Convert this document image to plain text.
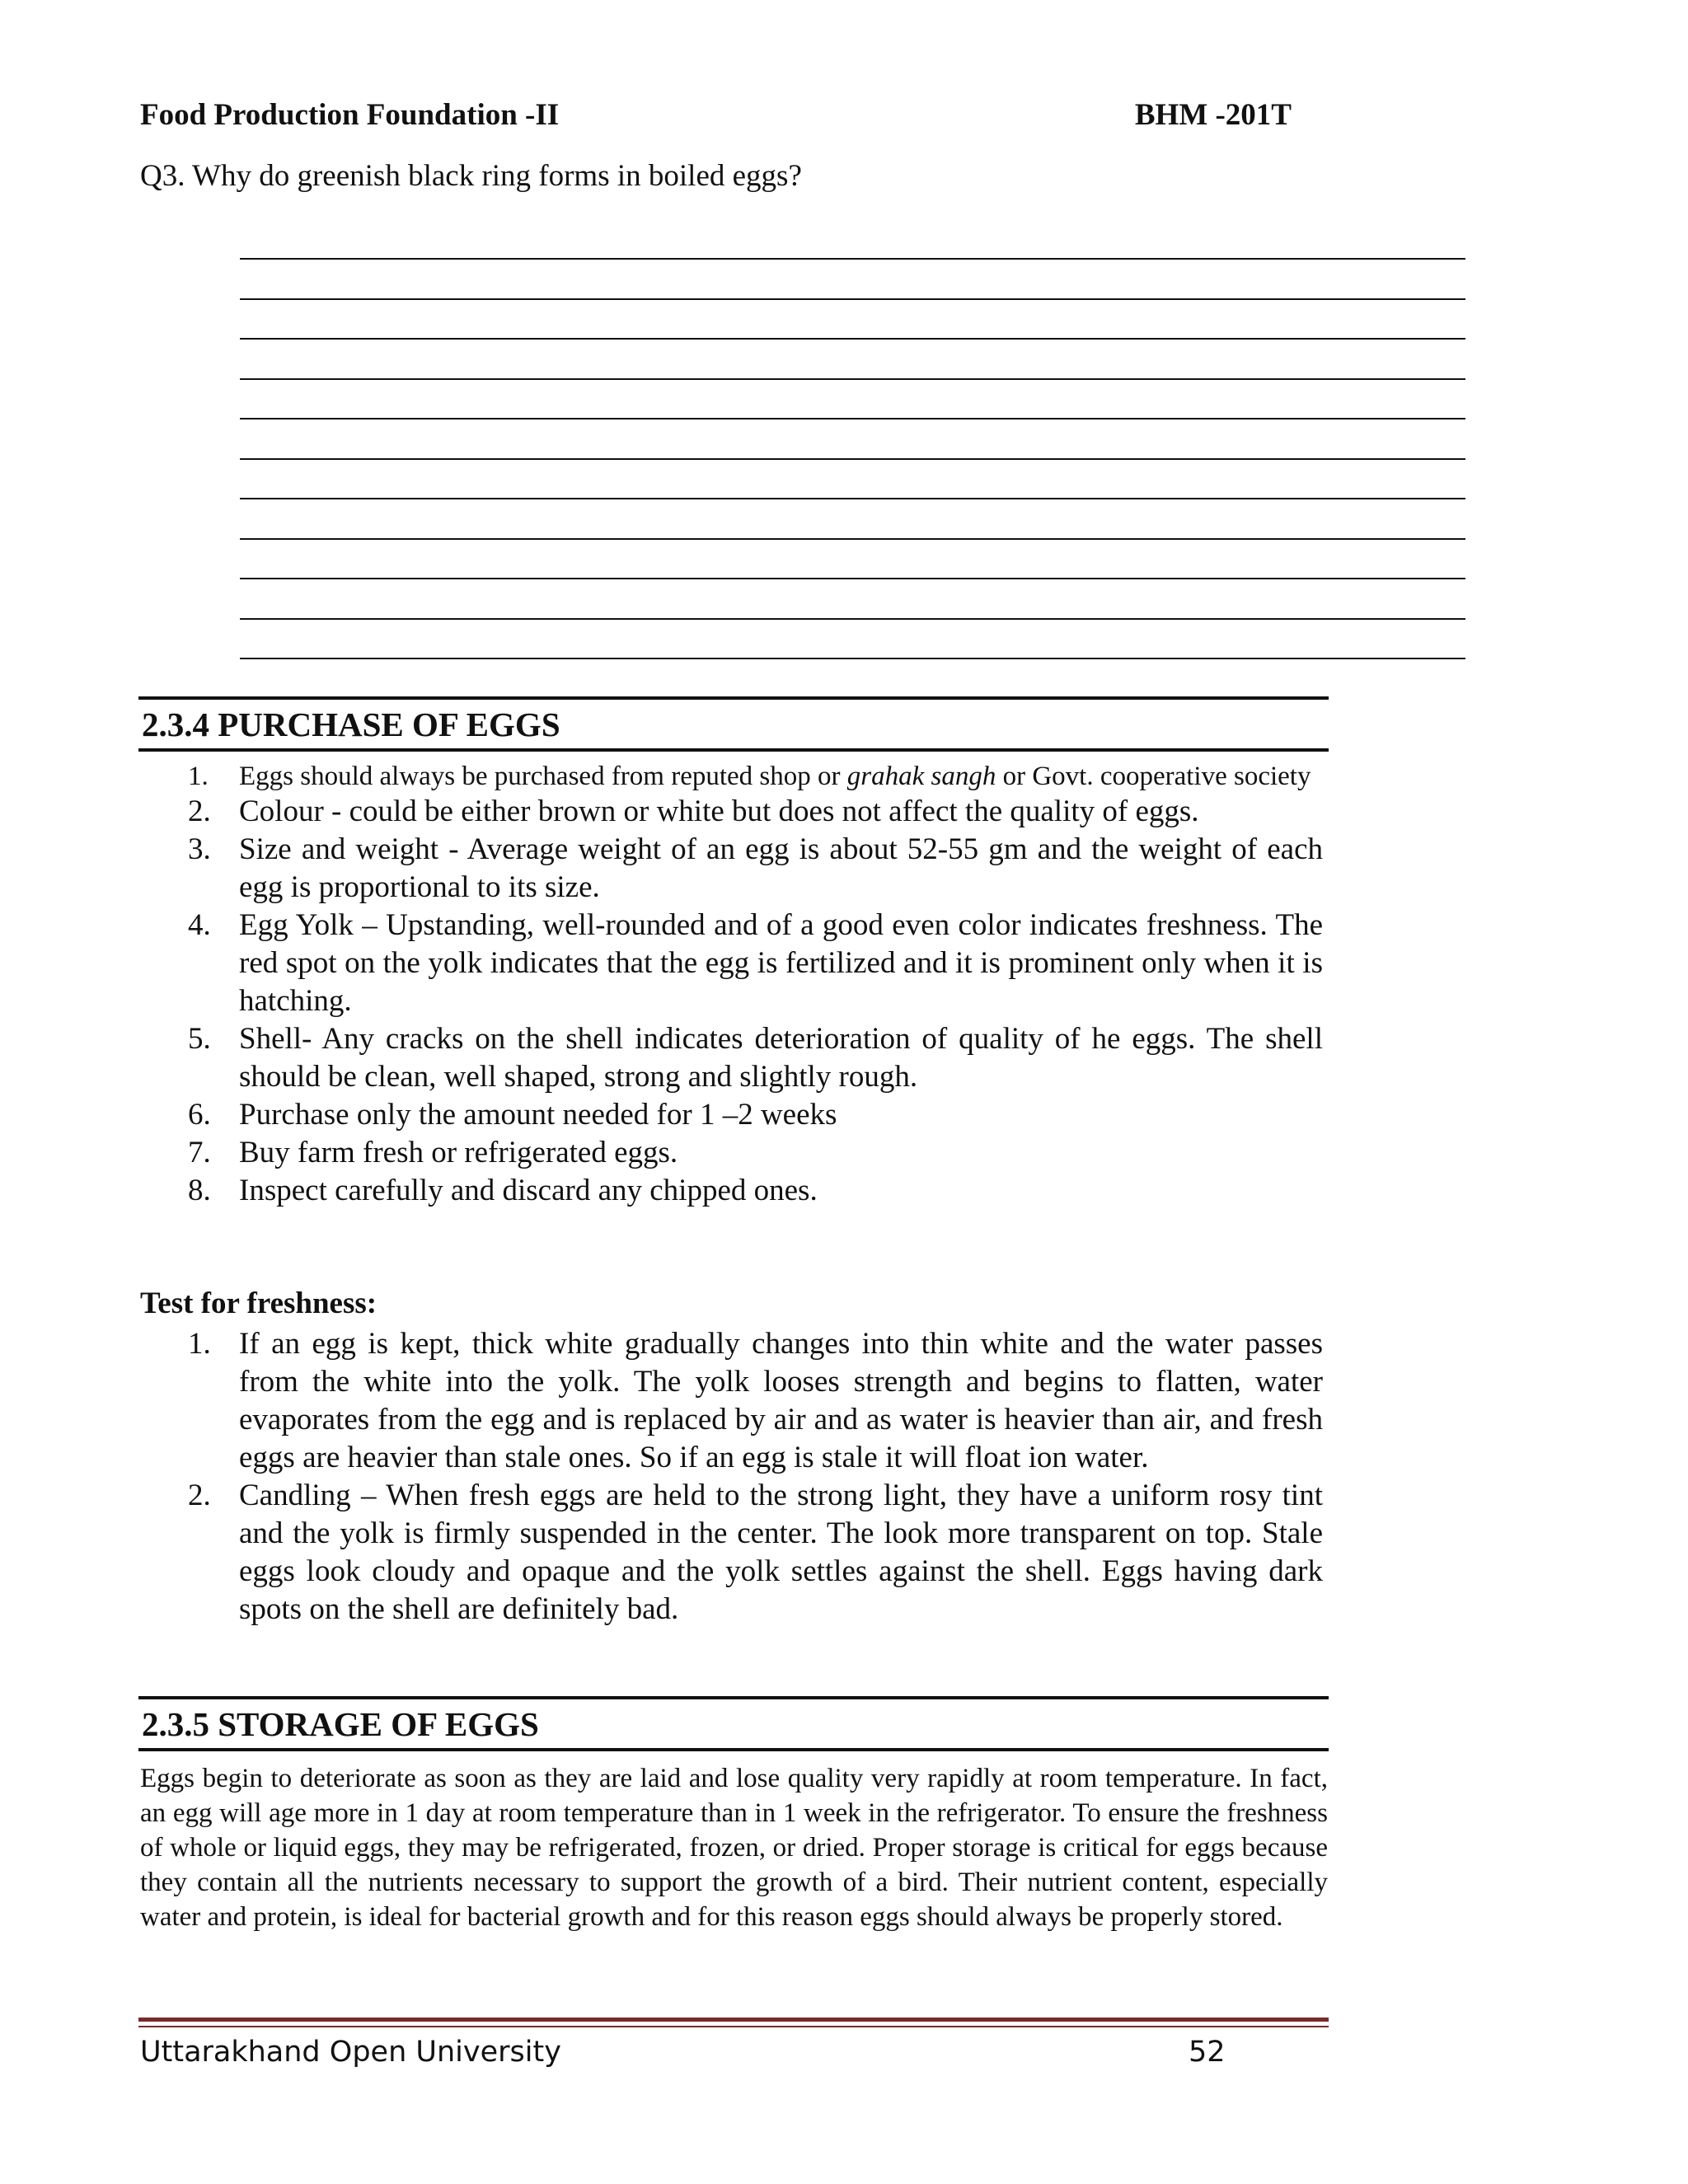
Food Production Foundation -II	BHM -201T
Q3. Why do greenish black ring forms in boiled eggs?
2.3.4 PURCHASE OF EGGS
1. Eggs should always be purchased from reputed shop or grahak sangh or Govt. cooperative society
2. Colour - could be either brown or white but does not affect the quality of eggs.
3. Size and weight - Average weight of an egg is about 52-55 gm and the weight of each egg is proportional to its size.
4. Egg Yolk – Upstanding, well-rounded and of a good even color indicates freshness. The red spot on the yolk indicates that the egg is fertilized and it is prominent only when it is hatching.
5. Shell- Any cracks on the shell indicates deterioration of quality of he eggs. The shell should be clean, well shaped, strong and slightly rough.
6. Purchase only the amount needed for 1 –2 weeks
7. Buy farm fresh or refrigerated eggs.
8. Inspect carefully and discard any chipped ones.
Test for freshness:
1. If an egg is kept, thick white gradually changes into thin white and the water passes from the white into the yolk. The yolk looses strength and begins to flatten, water evaporates from the egg and is replaced by air and as water is heavier than air, and fresh eggs are heavier than stale ones. So if an egg is stale it will float ion water.
2. Candling – When fresh eggs are held to the strong light, they have a uniform rosy tint and the yolk is firmly suspended in the center. The look more transparent on top. Stale eggs look cloudy and opaque and the yolk settles against the shell. Eggs having dark spots on the shell are definitely bad.
2.3.5 STORAGE OF EGGS
Eggs begin to deteriorate as soon as they are laid and lose quality very rapidly at room temperature. In fact, an egg will age more in 1 day at room temperature than in 1 week in the refrigerator. To ensure the freshness of whole or liquid eggs, they may be refrigerated, frozen, or dried. Proper storage is critical for eggs because they contain all the nutrients necessary to support the growth of a bird. Their nutrient content, especially water and protein, is ideal for bacterial growth and for this reason eggs should always be properly stored.
Uttarakhand Open University	52
